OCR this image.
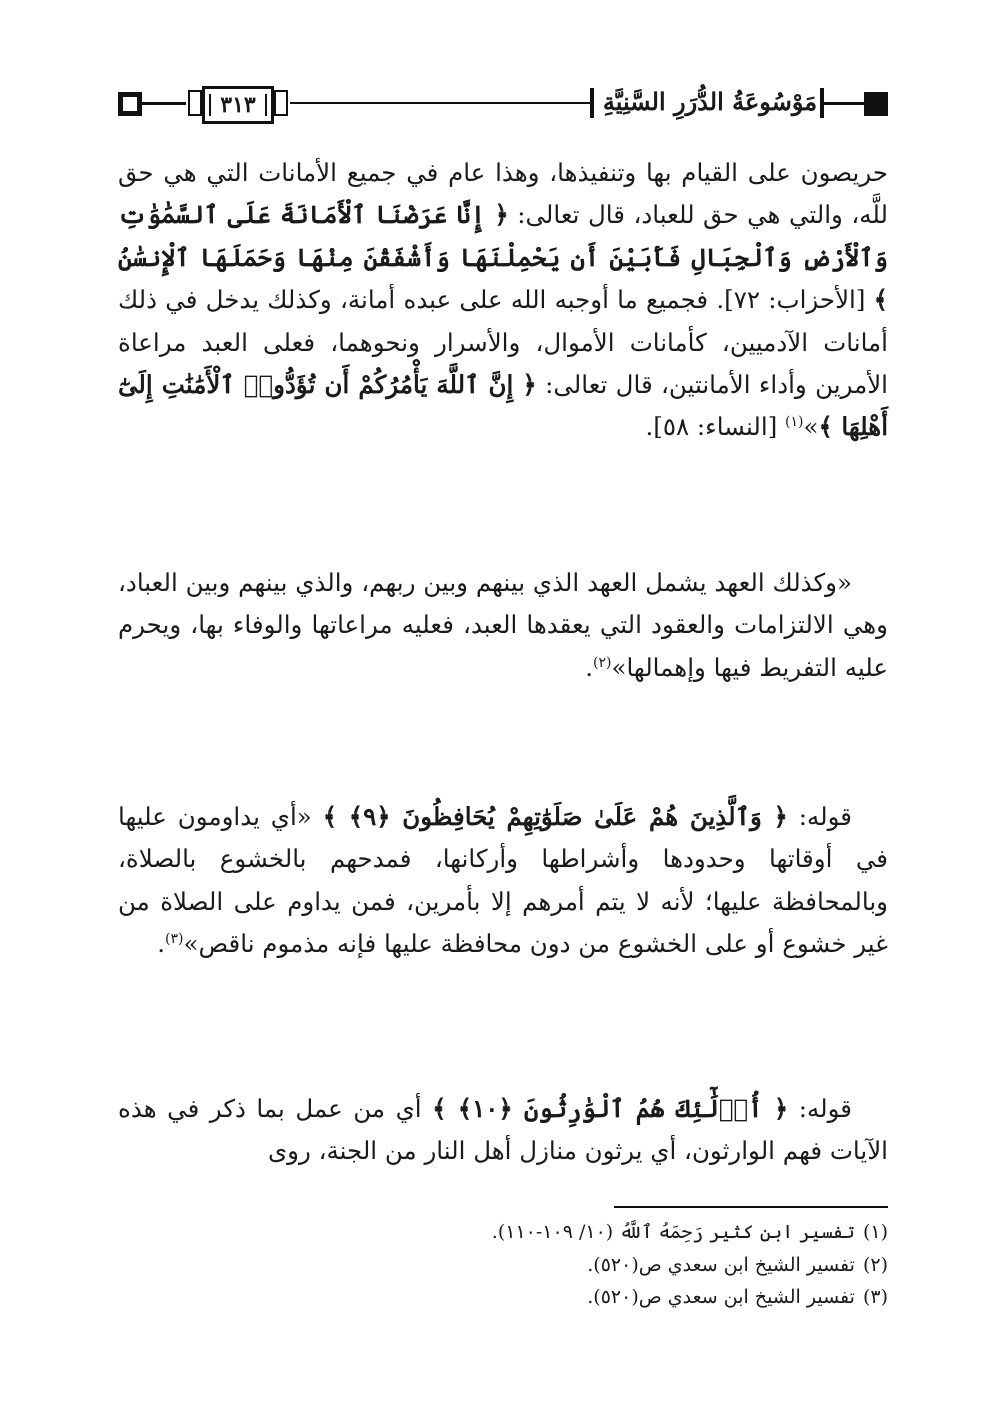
٣١٣	مَوْسُوعَةُ الدُّرَرِ السَّنِيَّةِ

حريصون على القيام بها وتنفيذها، وهذا عام في جميع الأمانات التي هي حق للَّه، والتي هي حق للعباد، قال تعالى: ﴿ إِنَّا عَرَضْنَا ٱلْأَمَانَةَ عَلَى ٱلسَّمَٰوَٰتِ وَٱلْأَرْضِ وَٱلْجِبَالِ فَأَبَيْنَ أَن يَحْمِلْنَهَا وَأَشْفَقْنَ مِنْهَا وَحَمَلَهَا ٱلْإِنسَٰنُ ﴾ [الأحزاب: ٧٢]. فجميع ما أوجبه الله على عبده أمانة، وكذلك يدخل في ذلك أمانات الآدميين، كأمانات الأموال، والأسرار ونحوهما، فعلى العبد مراعاة الأمرين وأداء الأمانتين، قال تعالى: ﴿ إِنَّ ٱللَّهَ يَأْمُرُكُمْ أَن تُؤَدُّوا۟ ٱلْأَمَٰنَٰتِ إِلَىٰٓ أَهْلِهَا ﴾»$^{(١)}$ [النساء: ٥٨].

«وكذلك العهد يشمل العهد الذي بينهم وبين ربهم، والذي بينهم وبين العباد، وهي الالتزامات والعقود التي يعقدها العبد، فعليه مراعاتها والوفاء بها، ويحرم عليه التفريط فيها وإهمالها»$^{(٢)}$.

قوله: ﴿ وَٱلَّذِينَ هُمْ عَلَىٰ صَلَوَٰتِهِمْ يُحَافِظُونَ ﴿٩﴾ ﴾ «أي يداومون عليها في أوقاتها وحدودها وأشراطها وأركانها، فمدحهم بالخشوع بالصلاة، وبالمحافظة عليها؛ لأنه لا يتم أمرهم إلا بأمرين، فمن يداوم على الصلاة من غير خشوع أو على الخشوع من دون محافظة عليها فإنه مذموم ناقص»$^{(٣)}$.

قوله: ﴿ أُو۟لَٰٓئِكَ هُمُ ٱلْوَٰرِثُونَ ﴿١٠﴾ ﴾ أي من عمل بما ذكر في هذه الآيات فهم الوارثون، أي يرثون منازل أهل النار من الجنة، روى

(١)تفسير ابن كثير رَحِمَهُ ٱللَّهُ (١٠/ ١٠٩-١١٠).
(٢)تفسير الشيخ ابن سعدي ص(٥٢٠).
(٣)تفسير الشيخ ابن سعدي ص(٥٢٠).
